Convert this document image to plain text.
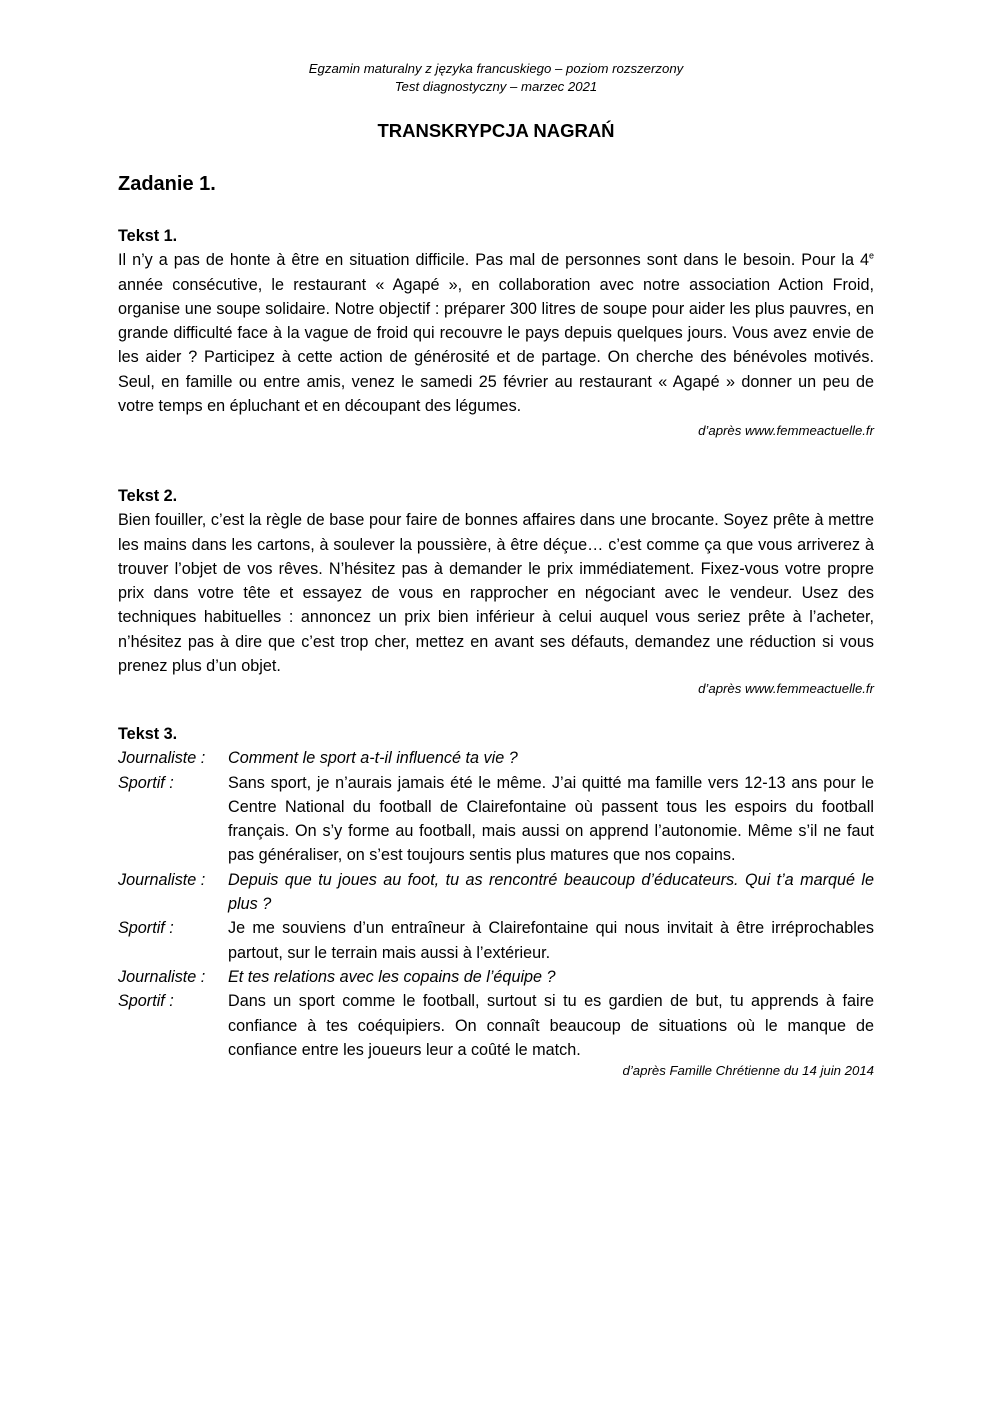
Egzamin maturalny z języka francuskiego – poziom rozszerzony
Test diagnostyczny – marzec 2021
TRANSKRYPCJA NAGRAŃ
Zadanie 1.
Tekst 1.

Il n’y a pas de honte à être en situation difficile. Pas mal de personnes sont dans le besoin. Pour la 4e année consécutive, le restaurant « Agapé », en collaboration avec notre association Action Froid, organise une soupe solidaire. Notre objectif : préparer 300 litres de soupe pour aider les plus pauvres, en grande difficulté face à la vague de froid qui recouvre le pays depuis quelques jours. Vous avez envie de les aider ? Participez à cette action de générosité et de partage. On cherche des bénévoles motivés. Seul, en famille ou entre amis, venez le samedi 25 février au restaurant « Agapé » donner un peu de votre temps en épluchant et en découpant des légumes.

d’après www.femmeactuelle.fr
Tekst 2.

Bien fouiller, c’est la règle de base pour faire de bonnes affaires dans une brocante. Soyez prête à mettre les mains dans les cartons, à soulever la poussière, à être déçue… c’est comme ça que vous arriverez à trouver l’objet de vos rêves. N’hésitez pas à demander le prix immédiatement. Fixez-vous votre propre prix dans votre tête et essayez de vous en rapprocher en négociant avec le vendeur. Usez des techniques habituelles : annoncez un prix bien inférieur à celui auquel vous seriez prête à l’acheter, n’hésitez pas à dire que c’est trop cher, mettez en avant ses défauts, demandez une réduction si vous prenez plus d’un objet.

d’après www.femmeactuelle.fr
Tekst 3.
Journaliste :	Comment le sport a-t-il influencé ta vie ?
Sportif :	Sans sport, je n’aurais jamais été le même. J’ai quitté ma famille vers 12-13 ans pour le Centre National du football de Clairefontaine où passent tous les espoirs du football français. On s’y forme au football, mais aussi on apprend l’autonomie. Même s’il ne faut pas généraliser, on s’est toujours sentis plus matures que nos copains.
Journaliste :	Depuis que tu joues au foot, tu as rencontré beaucoup d’éducateurs. Qui t’a marqué le plus ?
Sportif :	Je me souviens d’un entraîneur à Clairefontaine qui nous invitait à être irréprochables partout, sur le terrain mais aussi à l’extérieur.
Journaliste :	Et tes relations avec les copains de l’équipe ?
Sportif :	Dans un sport comme le football, surtout si tu es gardien de but, tu apprends à faire confiance à tes coéquipiers. On connaît beaucoup de situations où le manque de confiance entre les joueurs leur a coûté le match.
d’après Famille Chrétienne du 14 juin 2014
